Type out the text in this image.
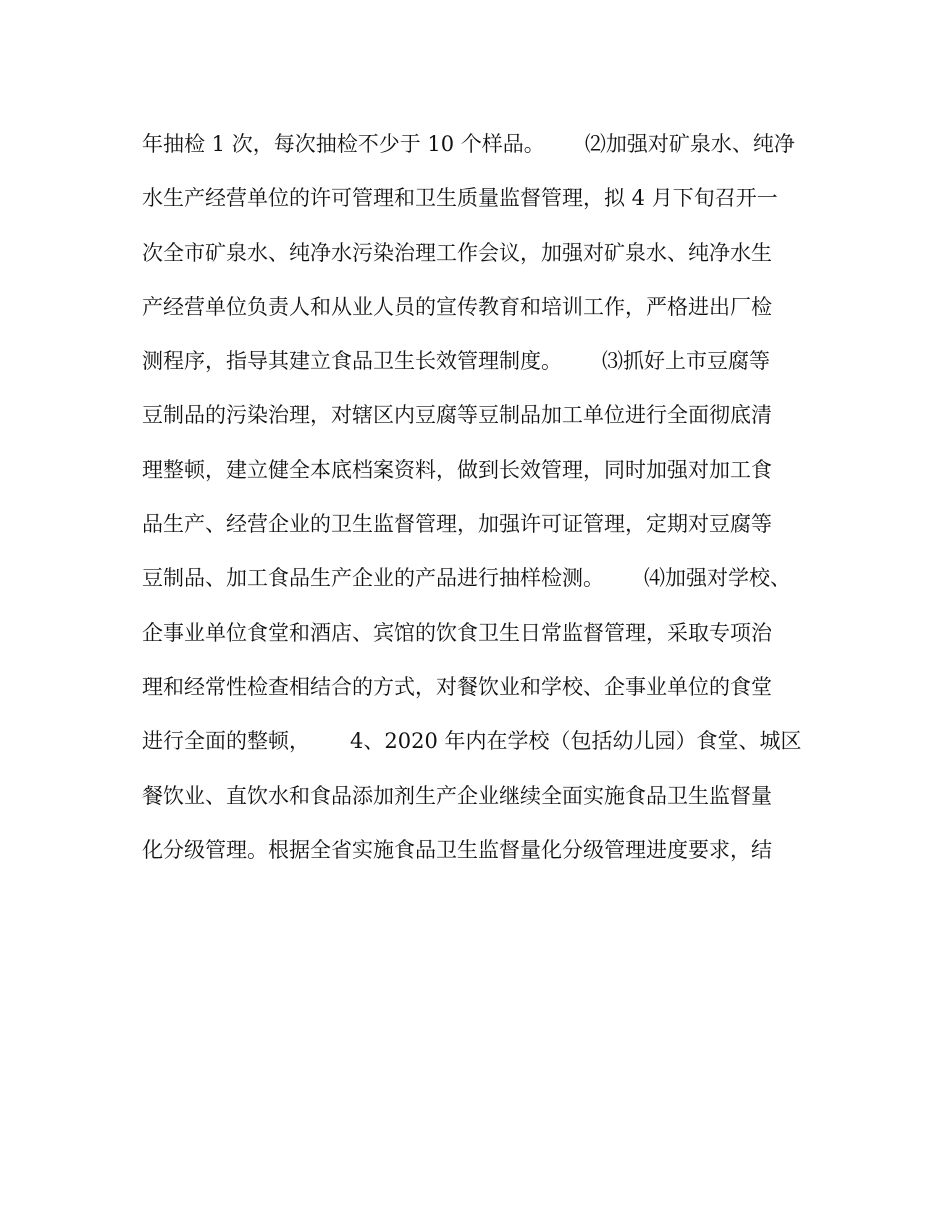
年抽检 1 次，每次抽检不少于 10 个样品。      ⑵加强对矿泉水、纯净
水生产经营单位的许可管理和卫生质量监督管理，拟 4 月下旬召开一
次全市矿泉水、纯净水污染治理工作会议，加强对矿泉水、纯净水生
产经营单位负责人和从业人员的宣传教育和培训工作，严格进出厂检
测程序，指导其建立食品卫生长效管理制度。      ⑶抓好上市豆腐等
豆制品的污染治理，对辖区内豆腐等豆制品加工单位进行全面彻底清
理整顿，建立健全本底档案资料，做到长效管理，同时加强对加工食
品生产、经营企业的卫生监督管理，加强许可证管理，定期对豆腐等
豆制品、加工食品生产企业的产品进行抽样检测。      ⑷加强对学校、
企事业单位食堂和酒店、宾馆的饮食卫生日常监督管理，采取专项治
理和经常性检查相结合的方式，对餐饮业和学校、企事业单位的食堂
进行全面的整顿，      4、2020 年内在学校（包括幼儿园）食堂、城区
餐饮业、直饮水和食品添加剂生产企业继续全面实施食品卫生监督量
化分级管理。根据全省实施食品卫生监督量化分级管理进度要求，结
